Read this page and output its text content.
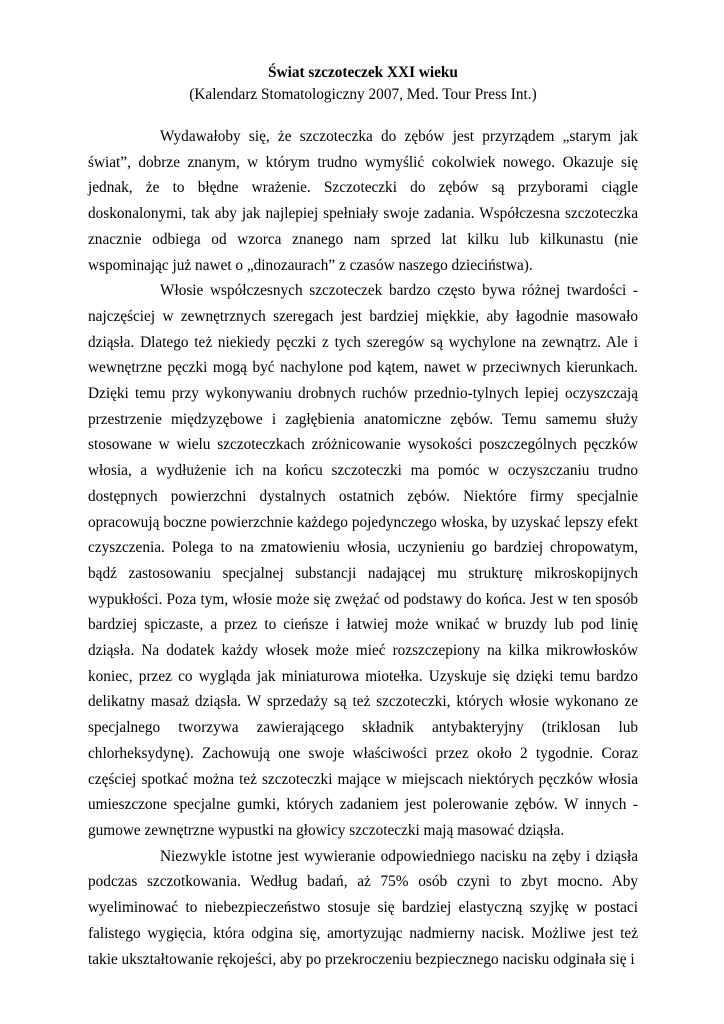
Świat szczoteczek XXI wieku

(Kalendarz Stomatologiczny 2007, Med. Tour Press Int.)

Wydawałoby się, że szczoteczka do zębów jest przyrządem „starym jak świat”, dobrze znanym, w którym trudno wymyślić cokolwiek nowego. Okazuje się jednak, że to błędne wrażenie. Szczoteczki do zębów są przyborami ciągle doskonalonymi, tak aby jak najlepiej spełniały swoje zadania. Współczesna szczoteczka znacznie odbiega od wzorca znanego nam sprzed lat kilku lub kilkunastu (nie wspominając już nawet o „dinozaurach” z czasów naszego dzieciństwa).

Włosie współczesnych szczoteczek bardzo często bywa różnej twardości - najczęściej w zewnętrznych szeregach jest bardziej miękkie, aby łagodnie masowało dziąsła. Dlatego też niekiedy pęczki z tych szeregów są wychylone na zewnątrz. Ale i wewnętrzne pęczki mogą być nachylone pod kątem, nawet w przeciwnych kierunkach. Dzięki temu przy wykonywaniu drobnych ruchów przednio-tylnych lepiej oczyszczają przestrzenie międzyzębowe i zagłębienia anatomiczne zębów. Temu samemu służy stosowane w wielu szczoteczkach zróżnicowanie wysokości poszczególnych pęczków włosia, a wydłużenie ich na końcu szczoteczki ma pomóc w oczyszczaniu trudno dostępnych powierzchni dystalnych ostatnich zębów. Niektóre firmy specjalnie opracowują boczne powierzchnie każdego pojedynczego włoska, by uzyskać lepszy efekt czyszczenia. Polega to na zmatowieniu włosia, uczynieniu go bardziej chropowatym, bądź zastosowaniu specjalnej substancji nadającej mu strukturę mikroskopijnych wypukłości. Poza tym, włosie może się zwężać od podstawy do końca. Jest w ten sposób bardziej spiczaste, a przez to cieńsze i łatwiej może wnikać w bruzdy lub pod linię dziąsła. Na dodatek każdy włosek może mieć rozszczepiony na kilka mikrowłosków koniec, przez co wygląda jak miniaturowa miotełka. Uzyskuje się dzięki temu bardzo delikatny masaż dziąsła. W sprzedaży są też szczoteczki, których włosie wykonano ze specjalnego tworzywa zawierającego składnik antybakteryjny (triklosan lub chlorheksydynę). Zachowują one swoje właściwości przez około 2 tygodnie. Coraz częściej spotkać można też szczoteczki mające w miejscach niektórych pęczków włosia umieszczone specjalne gumki, których zadaniem jest polerowanie zębów. W innych - gumowe zewnętrzne wypustki na głowicy szczoteczki mają masować dziąsła.

Niezwykle istotne jest wywieranie odpowiedniego nacisku na zęby i dziąsła podczas szczotkowania. Według badań, aż 75% osób czyni to zbyt mocno. Aby wyeliminować to niebezpieczeństwo stosuje się bardziej elastyczną szyjkę w postaci falistego wygięcia, która odgina się, amortyzując nadmierny nacisk. Możliwe jest też takie ukształtowanie rękojeści, aby po przekroczeniu bezpiecznego nacisku odginała się i
